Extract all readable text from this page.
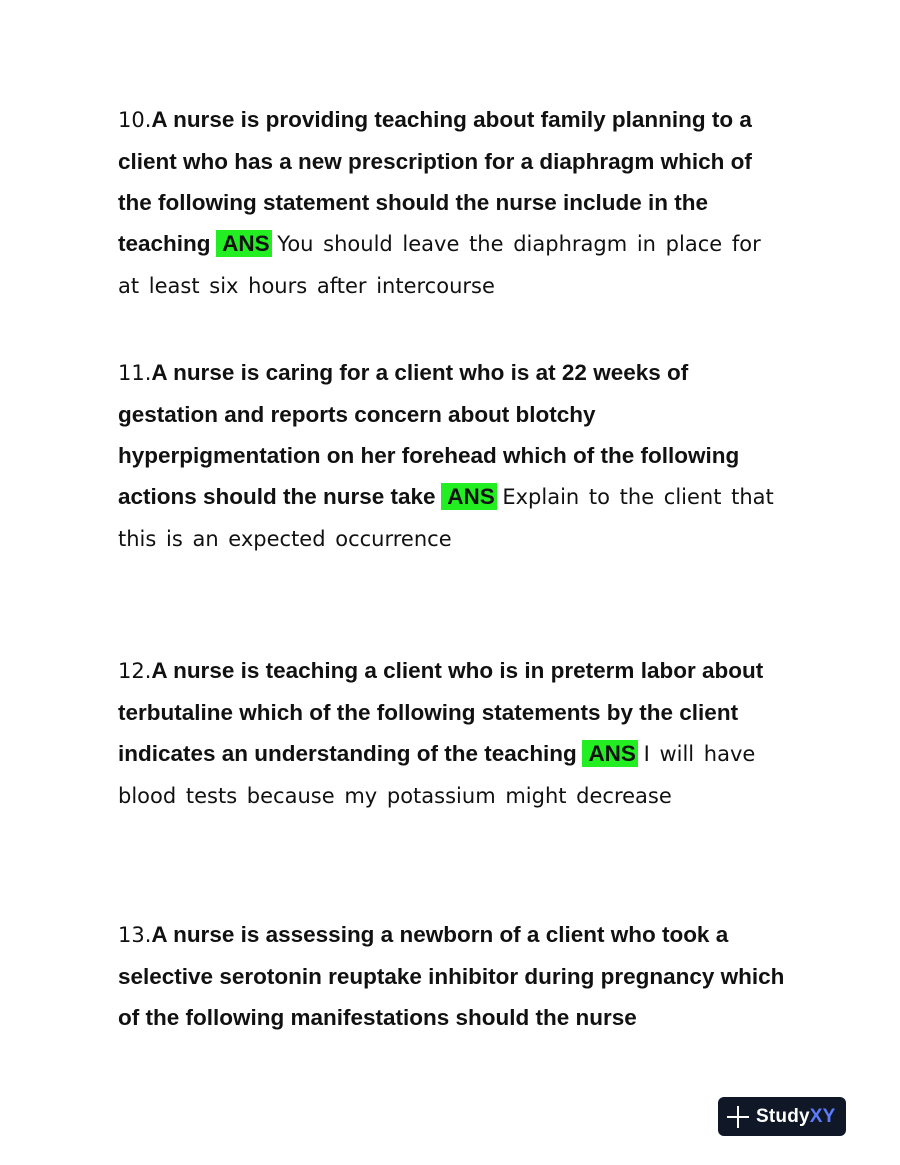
10.A nurse is providing teaching about family planning to a client who has a new prescription for a diaphragm which of the following statement should the nurse include in the teaching ANS You should leave the diaphragm in place for at least six hours after intercourse
11.A nurse is caring for a client who is at 22 weeks of gestation and reports concern about blotchy hyperpigmentation on her forehead which of the following actions should the nurse take ANS Explain to the client that this is an expected occurrence
12.A nurse is teaching a client who is in preterm labor about terbutaline which of the following statements by the client indicates an understanding of the teaching ANS I will have blood tests because my potassium might decrease
13.A nurse is assessing a newborn of a client who took a selective serotonin reuptake inhibitor during pregnancy which of the following manifestations should the nurse
StudyXY
